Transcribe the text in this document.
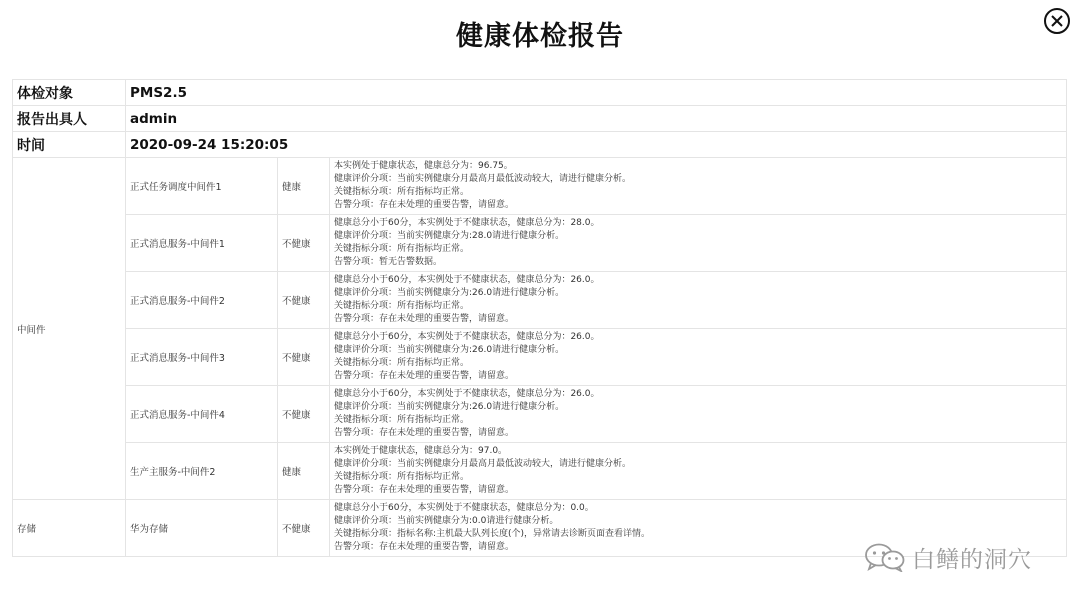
健康体检报告
体检对象	PMS2.5		
报告出具人	admin		
时间	2020-09-24 15:20:05		
中间件	正式任务调度中间件1	健康	本实例处于健康状态，健康总分为：96.75。
健康评价分项：当前实例健康分月最高月最低波动较大，请进行健康分析。
关键指标分项：所有指标均正常。
告警分项：存在未处理的重要告警，请留意。

	正式消息服务-中间件1	不健康	健康总分小于60分，本实例处于不健康状态，健康总分为：28.0。
健康评价分项：当前实例健康分为:28.0请进行健康分析。
关键指标分项：所有指标均正常。
告警分项：暂无告警数据。

	正式消息服务-中间件2	不健康	健康总分小于60分，本实例处于不健康状态，健康总分为：26.0。
健康评价分项：当前实例健康分为:26.0请进行健康分析。
关键指标分项：所有指标均正常。
告警分项：存在未处理的重要告警，请留意。

	正式消息服务-中间件3	不健康	健康总分小于60分，本实例处于不健康状态，健康总分为：26.0。
健康评价分项：当前实例健康分为:26.0请进行健康分析。
关键指标分项：所有指标均正常。
告警分项：存在未处理的重要告警，请留意。

	正式消息服务-中间件4	不健康	健康总分小于60分，本实例处于不健康状态，健康总分为：26.0。
健康评价分项：当前实例健康分为:26.0请进行健康分析。
关键指标分项：所有指标均正常。
告警分项：存在未处理的重要告警，请留意。

	生产主服务-中间件2	健康	本实例处于健康状态，健康总分为：97.0。
健康评价分项：当前实例健康分月最高月最低波动较大，请进行健康分析。
关键指标分项：所有指标均正常。
告警分项：存在未处理的重要告警，请留意。

存储	华为存储	不健康	健康总分小于60分，本实例处于不健康状态，健康总分为：0.0。
健康评价分项：当前实例健康分为:0.0请进行健康分析。
关键指标分项：指标名称:主机最大队列长度(个)，异常请去诊断页面查看详情。
告警分项：存在未处理的重要告警，请留意。	白鳝的洞穴
